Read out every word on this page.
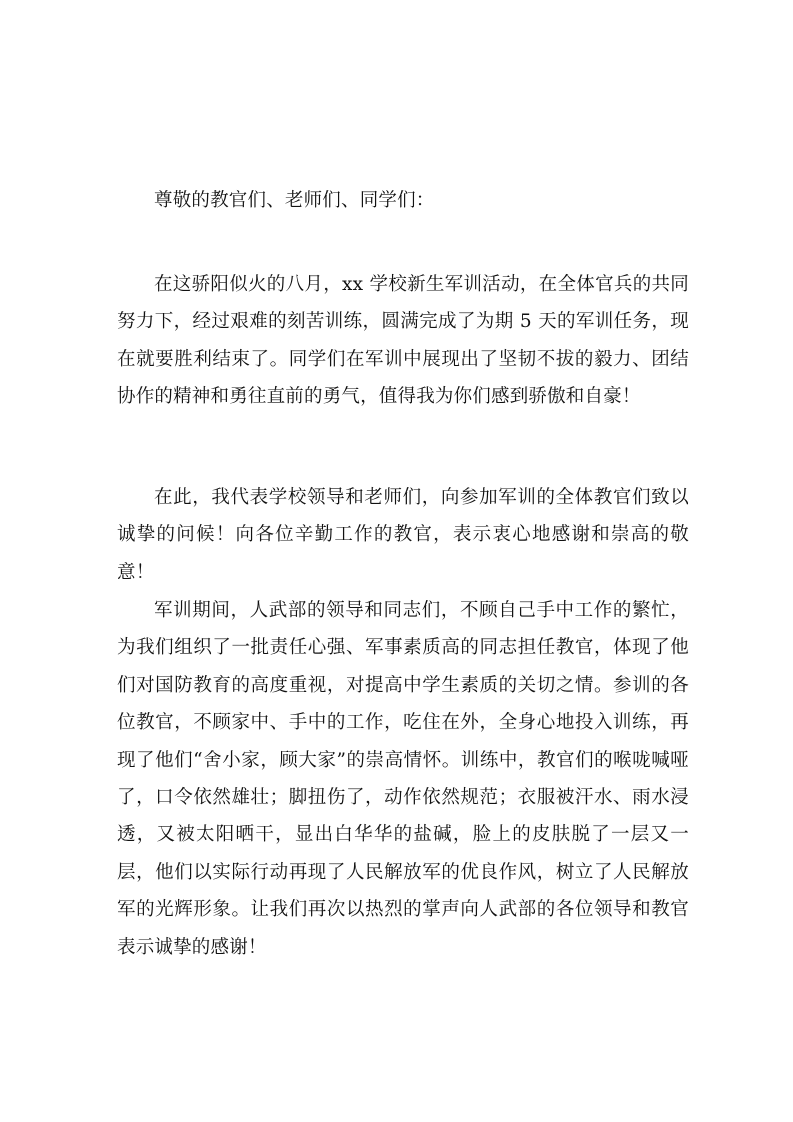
尊敬的教官们、老师们、同学们：

在这骄阳似火的八月，xx 学校新生军训活动，在全体官兵的共同努力下，经过艰难的刻苦训练，圆满完成了为期 5 天的军训任务，现在就要胜利结束了。同学们在军训中展现出了坚韧不拔的毅力、团结协作的精神和勇往直前的勇气，值得我为你们感到骄傲和自豪！

在此，我代表学校领导和老师们，向参加军训的全体教官们致以诚挚的问候！向各位辛勤工作的教官，表示衷心地感谢和崇高的敬意！

军训期间，人武部的领导和同志们，不顾自己手中工作的繁忙，为我们组织了一批责任心强、军事素质高的同志担任教官，体现了他们对国防教育的高度重视，对提高中学生素质的关切之情。参训的各位教官，不顾家中、手中的工作，吃住在外，全身心地投入训练，再现了他们“舍小家，顾大家”的崇高情怀。训练中，教官们的喉咙喊哑了，口令依然雄壮；脚扭伤了，动作依然规范；衣服被汗水、雨水浸透，又被太阳晒干，显出白华华的盐碱，脸上的皮肤脱了一层又一层，他们以实际行动再现了人民解放军的优良作风，树立了人民解放军的光辉形象。让我们再次以热烈的掌声向人武部的各位领导和教官表示诚挚的感谢！
